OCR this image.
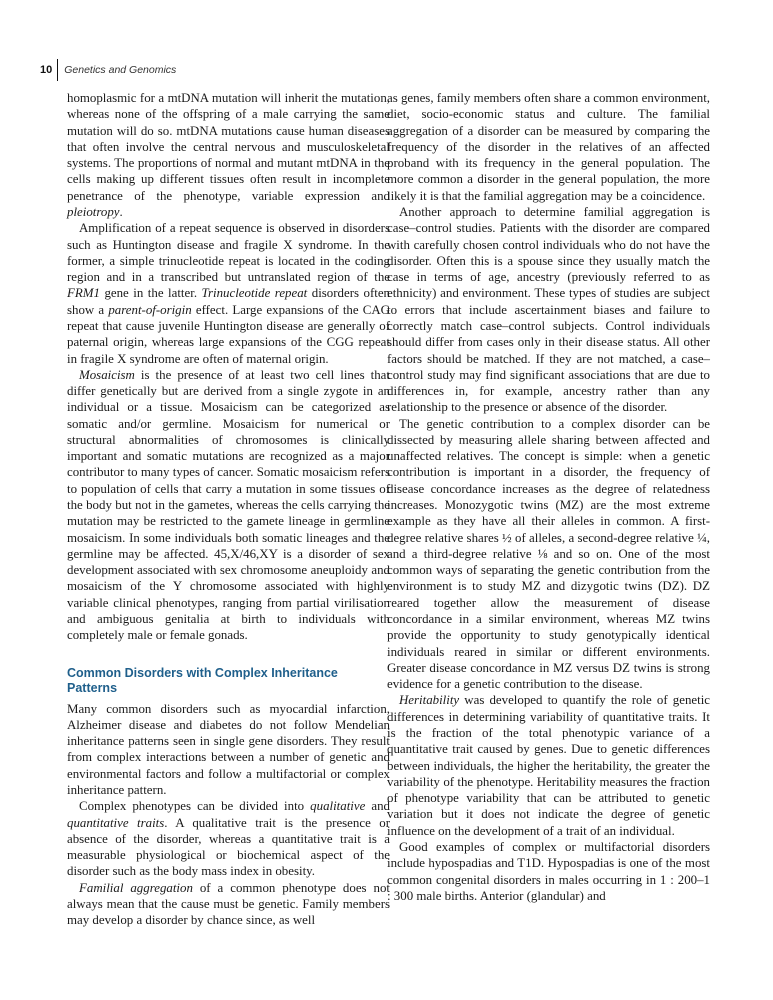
10 Genetics and Genomics

homoplasmic for a mtDNA mutation will inherit the mutation, whereas none of the offspring of a male carrying the same mutation will do so. mtDNA mutations cause human diseases that often involve the central nervous and musculoskeletal systems. The proportions of normal and mutant mtDNA in the cells making up different tissues often result in incomplete penetrance of the phenotype, variable expression and pleiotropy.

Amplification of a repeat sequence is observed in disorders such as Huntington disease and fragile X syndrome. In the former, a simple trinucleotide repeat is located in the coding region and in a transcribed but untranslated region of the FRM1 gene in the latter. Trinucleotide repeat disorders often show a parent-of-origin effect. Large expansions of the CAG repeat that cause juvenile Huntington disease are generally of paternal origin, whereas large expansions of the CGG repeat in fragile X syndrome are often of maternal origin.

Mosaicism is the presence of at least two cell lines that differ genetically but are derived from a single zygote in an individual or a tissue. Mosaicism can be categorized as somatic and/or germline. Mosaicism for numerical or structural abnormalities of chromosomes is clinically important and somatic mutations are recognized as a major contributor to many types of cancer. Somatic mosaicism refers to population of cells that carry a mutation in some tissues of the body but not in the gametes, whereas the cells carrying the mutation may be restricted to the gamete lineage in germline mosaicism. In some individuals both somatic lineages and the germline may be affected. 45,X/46,XY is a disorder of sex development associated with sex chromosome aneuploidy and mosaicism of the Y chromosome associated with highly variable clinical phenotypes, ranging from partial virilisation and ambiguous genitalia at birth to individuals with completely male or female gonads.

Common Disorders with Complex Inheritance Patterns

Many common disorders such as myocardial infarction, Alzheimer disease and diabetes do not follow Mendelian inheritance patterns seen in single gene disorders. They result from complex interactions between a number of genetic and environmental factors and follow a multifactorial or complex inheritance pattern.

Complex phenotypes can be divided into qualitative and quantitative traits. A qualitative trait is the presence or absence of the disorder, whereas a quantitative trait is a measurable physiological or biochemical aspect of the disorder such as the body mass index in obesity.

Familial aggregation of a common phenotype does not always mean that the cause must be genetic. Family members may develop a disorder by chance since, as well

as genes, family members often share a common environment, diet, socio-economic status and culture. The familial aggregation of a disorder can be measured by comparing the frequency of the disorder in the relatives of an affected proband with its frequency in the general population. The more common a disorder in the general population, the more likely it is that the familial aggregation may be a coincidence.

Another approach to determine familial aggregation is case–control studies. Patients with the disorder are compared with carefully chosen control individuals who do not have the disorder. Often this is a spouse since they usually match the case in terms of age, ancestry (previously referred to as ethnicity) and environment. These types of studies are subject to errors that include ascertainment biases and failure to correctly match case–control subjects. Control individuals should differ from cases only in their disease status. All other factors should be matched. If they are not matched, a case–control study may find significant associations that are due to differences in, for example, ancestry rather than any relationship to the presence or absence of the disorder.

The genetic contribution to a complex disorder can be dissected by measuring allele sharing between affected and unaffected relatives. The concept is simple: when a genetic contribution is important in a disorder, the frequency of disease concordance increases as the degree of relatedness increases. Monozygotic twins (MZ) are the most extreme example as they have all their alleles in common. A first-degree relative shares ½ of alleles, a second-degree relative ¼, and a third-degree relative ⅛ and so on. One of the most common ways of separating the genetic contribution from the environment is to study MZ and dizygotic twins (DZ). DZ reared together allow the measurement of disease concordance in a similar environment, whereas MZ twins provide the opportunity to study genotypically identical individuals reared in similar or different environments. Greater disease concordance in MZ versus DZ twins is strong evidence for a genetic contribution to the disease.

Heritability was developed to quantify the role of genetic differences in determining variability of quantitative traits. It is the fraction of the total phenotypic variance of a quantitative trait caused by genes. Due to genetic differences between individuals, the higher the heritability, the greater the variability of the phenotype. Heritability measures the fraction of phenotype variability that can be attributed to genetic variation but it does not indicate the degree of genetic influence on the development of a trait of an individual.

Good examples of complex or multifactorial disorders include hypospadias and T1D. Hypospadias is one of the most common congenital disorders in males occurring in 1 : 200–1 : 300 male births. Anterior (glandular) and
